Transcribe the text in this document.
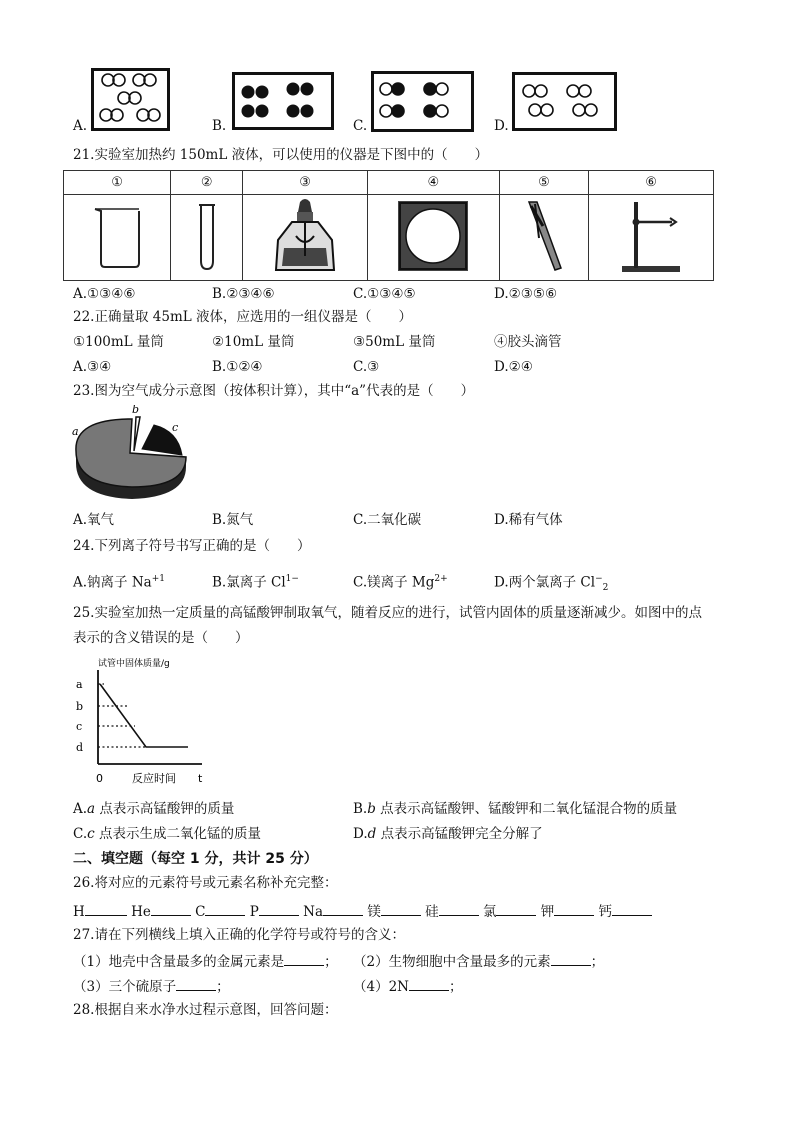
A.	B.	C.	D.
21.实验室加热约 150mL 液体，可以使用的仪器是下图中的（　　）
①	②	③	④	⑤	⑥

A.①③④⑥	B.②③④⑥	C.①③④⑤	D.②③⑤⑥
22.正确量取 45mL 液体，应选用的一组仪器是（　　）
①100mL 量筒	②10mL 量筒	③50mL 量筒	④胶头滴管
A.③④	B.①②④	C.③	D.②④
23.图为空气成分示意图（按体积计算），其中“a”代表的是（　　）
a
b
c
A.氧气	B.氮气	C.二氧化碳	D.稀有气体
24.下列离子符号书写正确的是（　　）
A.钠离子 $Na^{+1}$	B.氯离子 $Cl^{1-}$	C.镁离子 $Mg^{2+}$	D.两个氯离子 $Cl^-_2$
25.实验室加热一定质量的高锰酸钾制取氧气，随着反应的进行，试管内固体的质量逐渐减少。如图中的点
表示的含义错误的是（　　）
试管中固体质量/g
a
b
c
d
0	反应时间 t
A.a 点表示高锰酸钾的质量	B.b 点表示高锰酸钾、锰酸钾和二氧化锰混合物的质量
C.c 点表示生成二氧化锰的质量	D.d 点表示高锰酸钾完全分解了
二、填空题（每空 1 分，共计 25 分）
26.将对应的元素符号或元素名称补充完整：
H	He	C	P	Na	镁	硅	氯	钾	钙
27.请在下列横线上填入正确的化学符号或符号的含义：
（1）地壳中含量最多的金属元素是	； （2）生物细胞中含量最多的元素	；
（3）三个硫原子	；	（4）2N	；
28.根据自来水净水过程示意图，回答问题：
